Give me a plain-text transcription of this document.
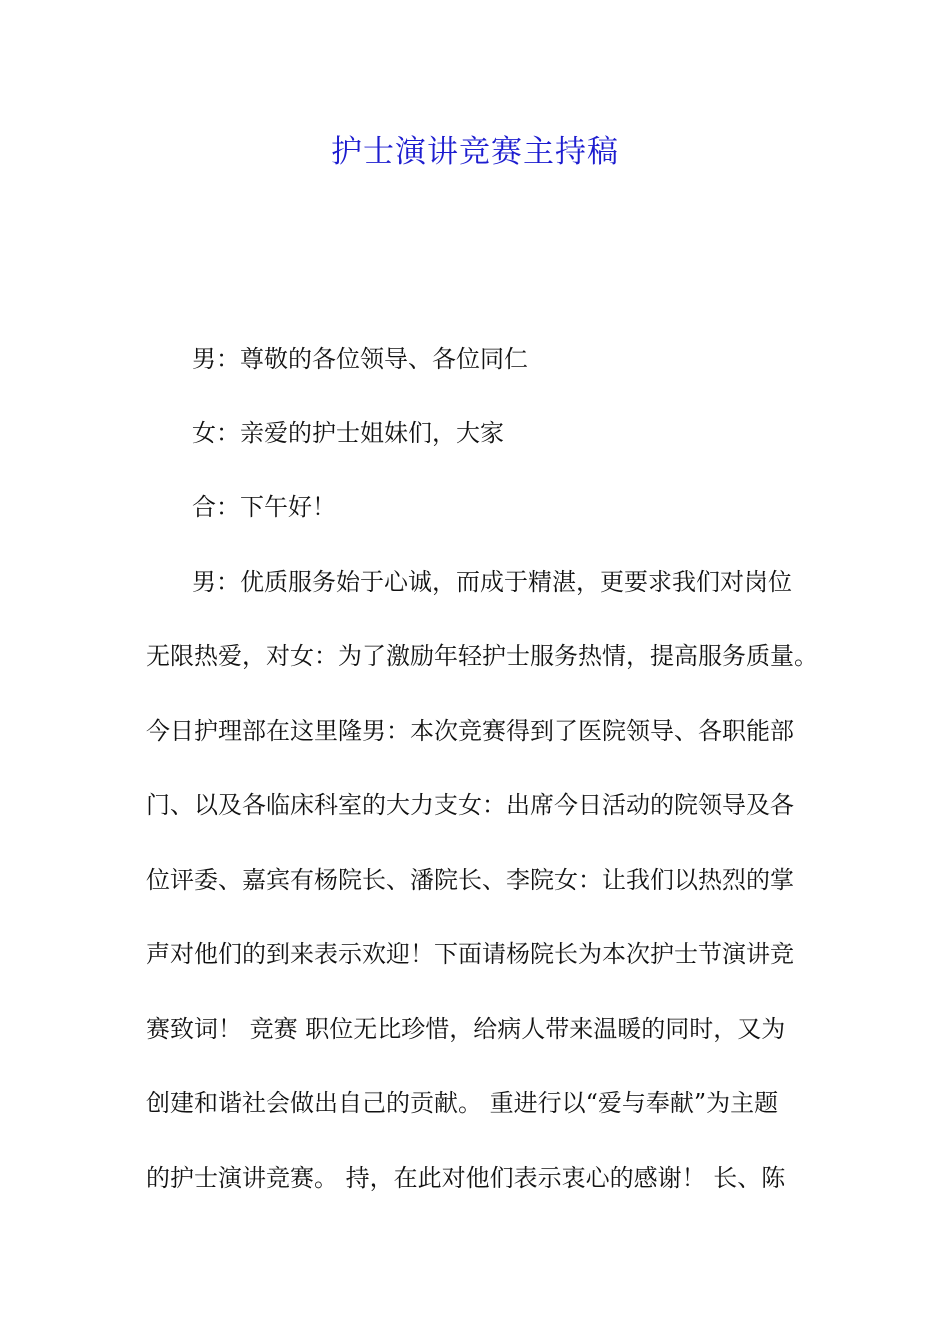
护士演讲竞赛主持稿

男：尊敬的各位领导、各位同仁

女：亲爱的护士姐妹们，大家

合：下午好！

男：优质服务始于心诚，而成于精湛，更要求我们对岗位

无限热爱，对女：为了激励年轻护士服务热情，提高服务质量。

今日护理部在这里隆男：本次竞赛得到了医院领导、各职能部

门、以及各临床科室的大力支女：出席今日活动的院领导及各

位评委、嘉宾有杨院长、潘院长、李院女：让我们以热烈的掌

声对他们的到来表示欢迎！下面请杨院长为本次护士节演讲竞

赛致词！ 竞赛 职位无比珍惜，给病人带来温暖的同时，又为

创建和谐社会做出自己的贡献。 重进行以“爱与奉献”为主题

的护士演讲竞赛。 持，在此对他们表示衷心的感谢！ 长、陈
